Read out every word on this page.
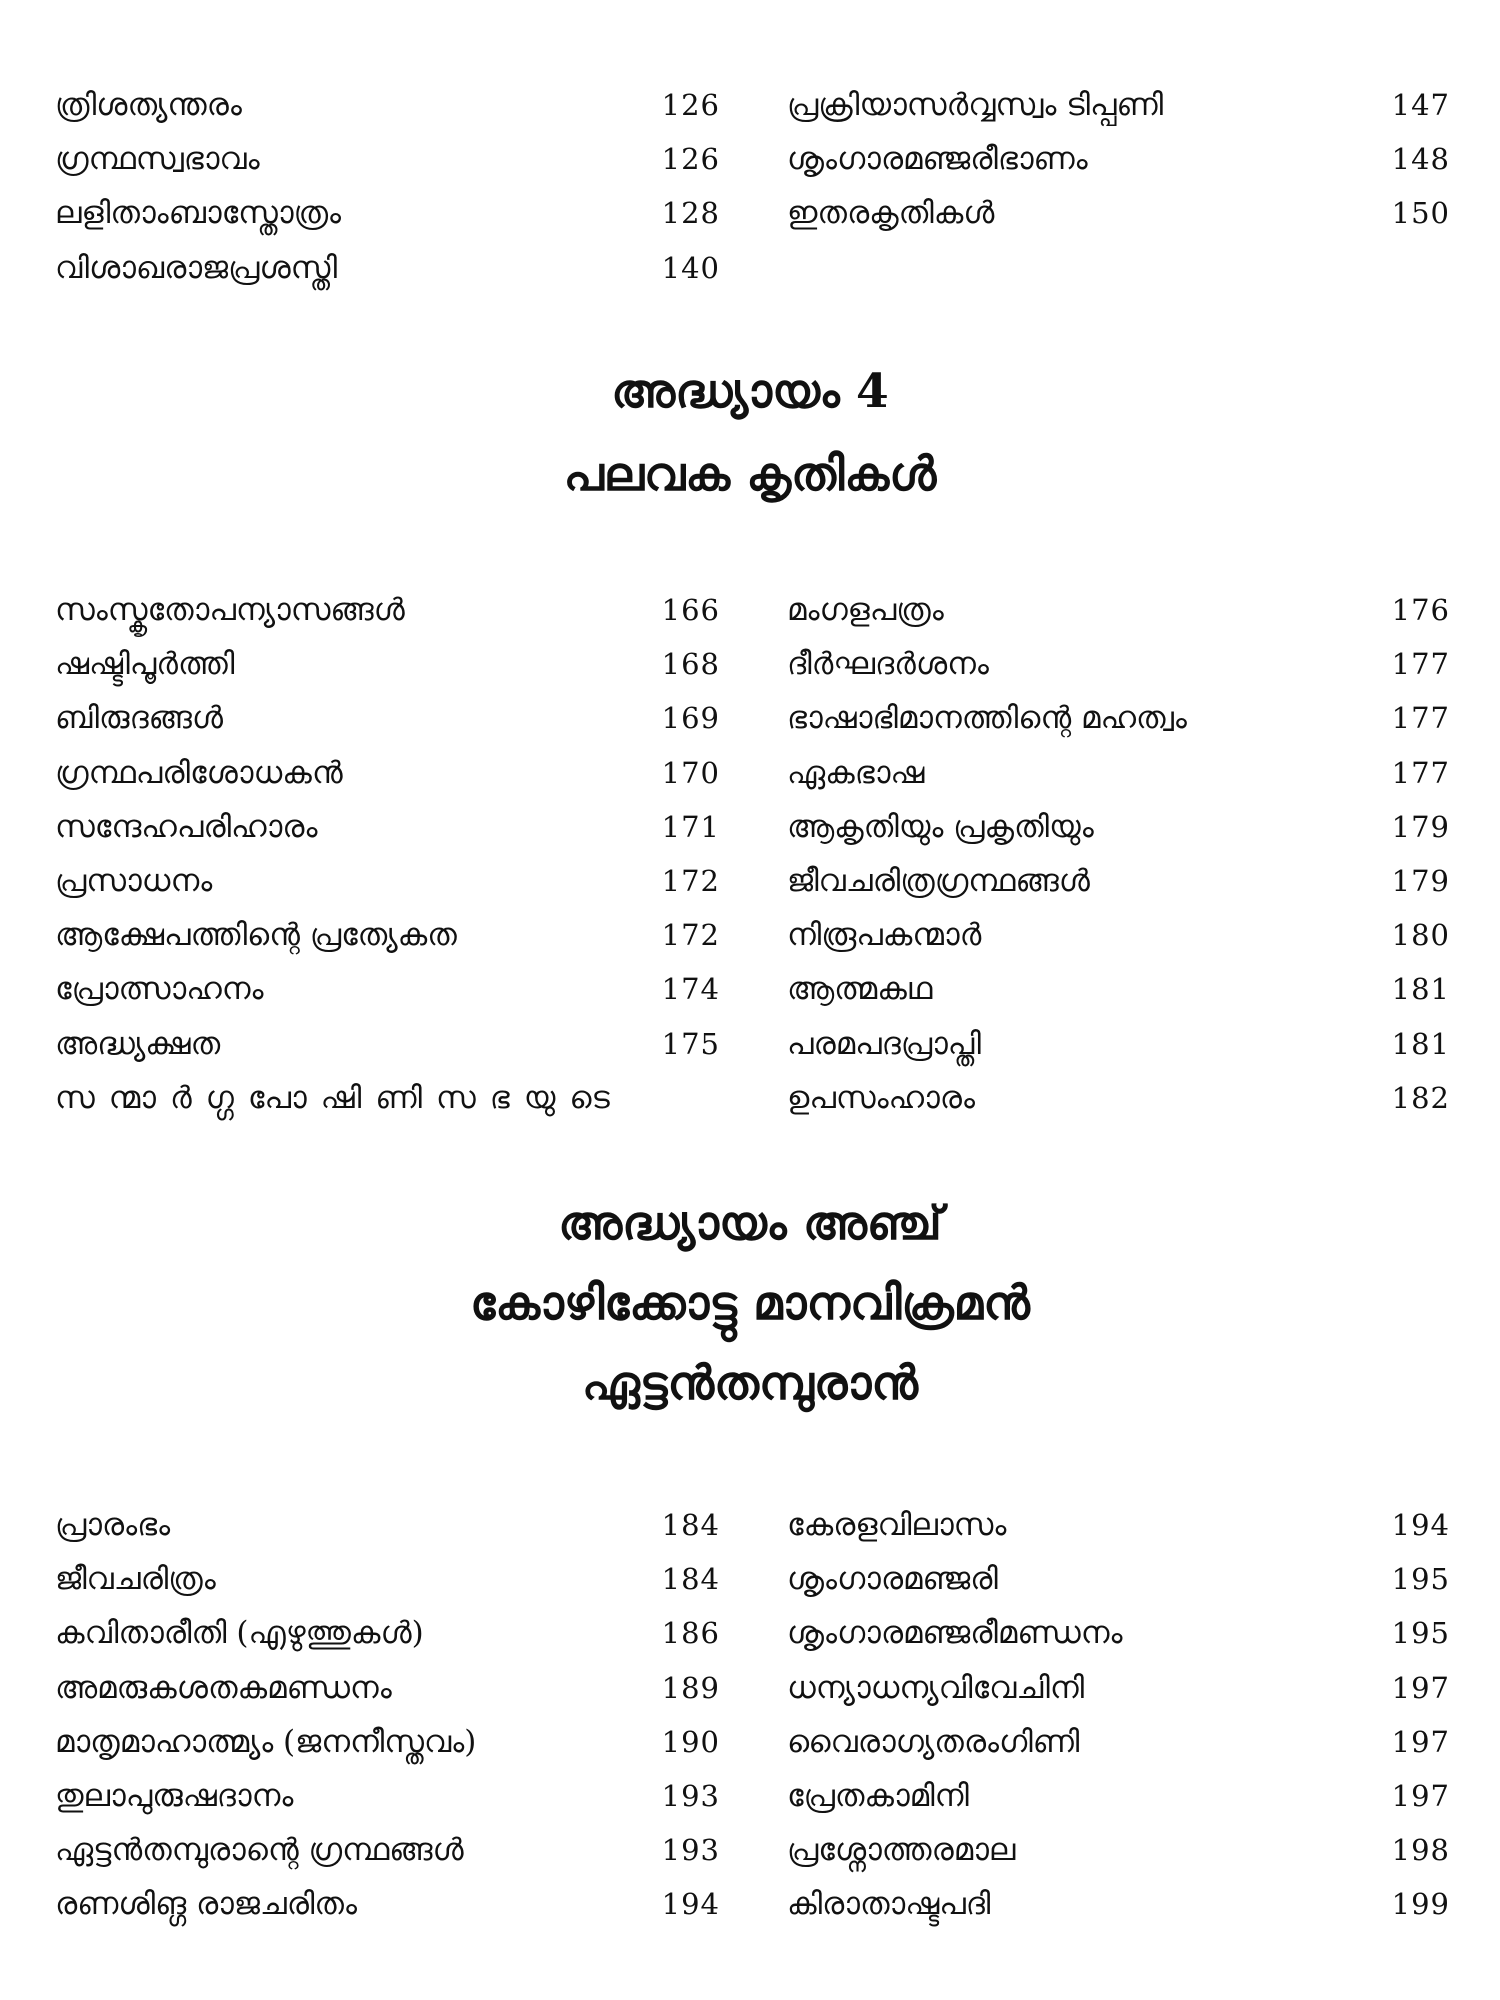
ത്രിശത്യന്തരം	126
ഗ്രന്ഥസ്വഭാവം	126
ലളിതാംബാസ്തോത്രം	128
വിശാഖരാജപ്രശസ്തി	140
പ്രക്രിയാസർവ്വസ്വം ടിപ്പണി	147
ശൃംഗാരമഞ്ജരീഭാണം	148
ഇതരകൃതികൾ	150
അദ്ധ്യായം 4
പലവക കൃതികൾ
സംസ്കൃതോപന്യാസങ്ങൾ	166
ഷഷ്ടിപൂർത്തി	168
ബിരുദങ്ങൾ	169
ഗ്രന്ഥപരിശോധകൻ	170
സന്ദേഹപരിഹാരം	171
പ്രസാധനം	172
ആക്ഷേപത്തിന്റെ പ്രത്യേകത	172
പ്രോത്സാഹനം	174
അദ്ധ്യക്ഷത	175
സന്മാർഗ്ഗപോഷിണിസഭയുടെ
മംഗളപത്രം	176
ദീർഘദർശനം	177
ഭാഷാഭിമാനത്തിന്റെ മഹത്വം	177
ഏകഭാഷ	177
ആകൃതിയും പ്രകൃതിയും	179
ജീവചരിത്രഗ്രന്ഥങ്ങൾ	179
നിരൂപകന്മാർ	180
ആത്മകഥ	181
പരമപദപ്രാപ്തി	181
ഉപസംഹാരം	182
അദ്ധ്യായം അഞ്ച്
കോഴിക്കോട്ടു മാനവിക്രമൻ
ഏട്ടൻതമ്പുരാൻ
പ്രാരംഭം	184
ജീവചരിത്രം	184
കവിതാരീതി (എഴുത്തുകൾ)	186
അമരുകശതകമണ്ഡനം	189
മാതൃമാഹാത്മ്യം (ജനനീസ്തവം)	190
തുലാപുരുഷദാനം	193
ഏട്ടൻതമ്പുരാന്റെ ഗ്രന്ഥങ്ങൾ	193
രണശിങ്ഗ രാജചരിതം	194
കേരളവിലാസം	194
ശൃംഗാരമഞ്ജരി	195
ശൃംഗാരമഞ്ജരീമണ്ഡനം	195
ധന്യാധന്യവിവേചിനി	197
വൈരാഗ്യതരംഗിണി	197
പ്രേതകാമിനി	197
പ്രശ്നോത്തരമാല	198
കിരാതാഷ്ടപദി	199
